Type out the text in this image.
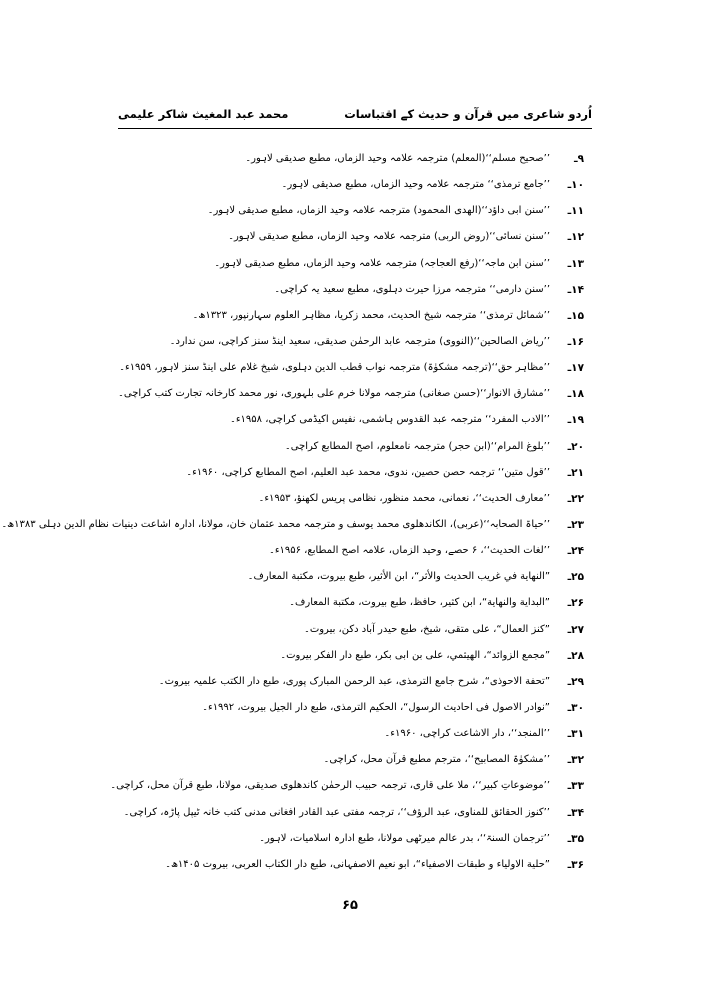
اُردو شاعری میں قرآن و حدیث کے اقتباسات
محمد عبد المغیث شاکر علیمی
۹ـ
’’صحیح مسلم‘‘(المعلم) مترجمہ علامہ وحید الزماں، مطبع صدیقی لاہور۔
۱۰ـ
’’جامع ترمذی‘‘ مترجمہ علامہ وحید الزماں، مطبع صدیقی لاہور۔
۱۱ـ
’’سنن ابی داؤد‘‘(الهدی المحمود) مترجمہ علامہ وحید الزماں، مطبع صدیقی لاہور۔
۱۲ـ
’’سنن نسائی‘‘(روض الربی) مترجمہ علامہ وحید الزماں، مطبع صدیقی لاہور۔
۱۳ـ
’’سنن ابن ماجہ‘‘(رفع العجاجہ) مترجمہ علامہ وحید الزماں، مطبع صدیقی لاہور۔
۱۴ـ
’’سنن دارمی‘‘ مترجمہ مرزا حیرت دہلوی، مطبع سعید یہ کراچی۔
۱۵ـ
’’شمائل ترمذی‘‘ مترجمہ شیخ الحدیث، محمد زکریا، مظاہر العلوم سہارنپور، ۱۳۲۳ھ۔
۱۶ـ
’’ریاض الصالحین‘‘(النووی) مترجمہ عابد الرحمٰن صدیقی، سعید اینڈ سنز کراچی، سن ندارد۔
۱۷ـ
’’مظاہر حق‘‘(ترجمہ مشکوٰۃ) مترجمہ نواب قطب الدین دہلوی، شیخ غلام علی اینڈ سنز لاہور، ۱۹۵۹ء۔
۱۸ـ
’’مشارق الانوار‘‘(حسن صغانی) مترجمہ مولانا خرم علی بلہوری، نور محمد کارخانہ تجارت کتب کراچی۔
۱۹ـ
’’الادب المفرد‘‘ مترجمہ عبد القدوس ہاشمی، نفیس اکیڈمی کراچی، ۱۹۵۸ء۔
۲۰ـ
’’بلوغ المرام‘‘(ابن حجر) مترجمہ نامعلوم، اصح المطابع کراچی۔
۲۱ـ
’’قول متین‘‘ ترجمہ حصن حصین، ندوی، محمد عبد العلیم، اصح المطابع کراچی، ۱۹۶۰ء۔
۲۲ـ
’’معارف الحدیث‘‘، نعمانی، محمد منظور، نظامی پریس لکھنؤ، ۱۹۵۳ء۔
۲۳ـ
’’حیاۃ الصحابہ‘‘(عربی)، الکاندھلوی محمد یوسف و مترجمہ محمد عثمان خان، مولانا، ادارہ اشاعت دینیات نظام الدین دہلی ۱۳۸۳ھ۔
۲۴ـ
’’لغات الحدیث‘‘، ۶ حصے، وحید الزماں، علامہ اصح المطابع، ۱۹۵۶ء۔
۲۵ـ
”النهاية في غريب الحديث والأثر“، ابن الأثير، طبع بيروت، مكتبة المعارف۔
۲۶ـ
”البداية والنهاية“، ابن كثير، حافظ، طبع بيروت، مكتبة المعارف۔
۲۷ـ
”كنز العمال“، علی متقی، شیخ، طبع حیدر آباد دکن، بیروت۔
۲۸ـ
”مجمع الزوائد“، الهيثمي، علی بن ابی بکر، طبع دار الفکر بیروت۔
۲۹ـ
”تحفة الاحوذی“، شرح جامع الترمذی، عبد الرحمن المبارک پوری، طبع دار الکتب علمیہ بیروت۔
۳۰ـ
”نوادر الاصول فی احادیث الرسول“، الحکیم الترمذی، طبع دار الجیل بیروت، ۱۹۹۲ء۔
۳۱ـ
’’المنجد‘‘، دار الاشاعت کراچی، ۱۹۶۰ء۔
۳۲ـ
’’مشکوٰۃ المصابیح‘‘، مترجم مطبع قرآن محل، کراچی۔
۳۳ـ
’’موضوعاتِ کبیر‘‘، ملا علی قاری، ترجمہ حبیب الرحمٰن کاندھلوی صدیقی، مولانا، طبع قرآن محل، کراچی۔
۳۴ـ
’’کنوز الحقائق للمناوی، عبد الرؤف‘‘، ترجمہ مفتی عبد القادر افغانی مدنی کتب خانہ ٹیپل پاڑہ، کراچی۔
۳۵ـ
’’ترجمان السنۃ‘‘، بدر عالم میرٹھی مولانا، طبع ادارہ اسلامیات، لاہور۔
۳۶ـ
”حلية الاولياء و طبقات الاصفياء“، ابو نعیم الاصفہانی، طبع دار الکتاب العربی، بیروت ۱۴۰۵ھ۔
۶۵
